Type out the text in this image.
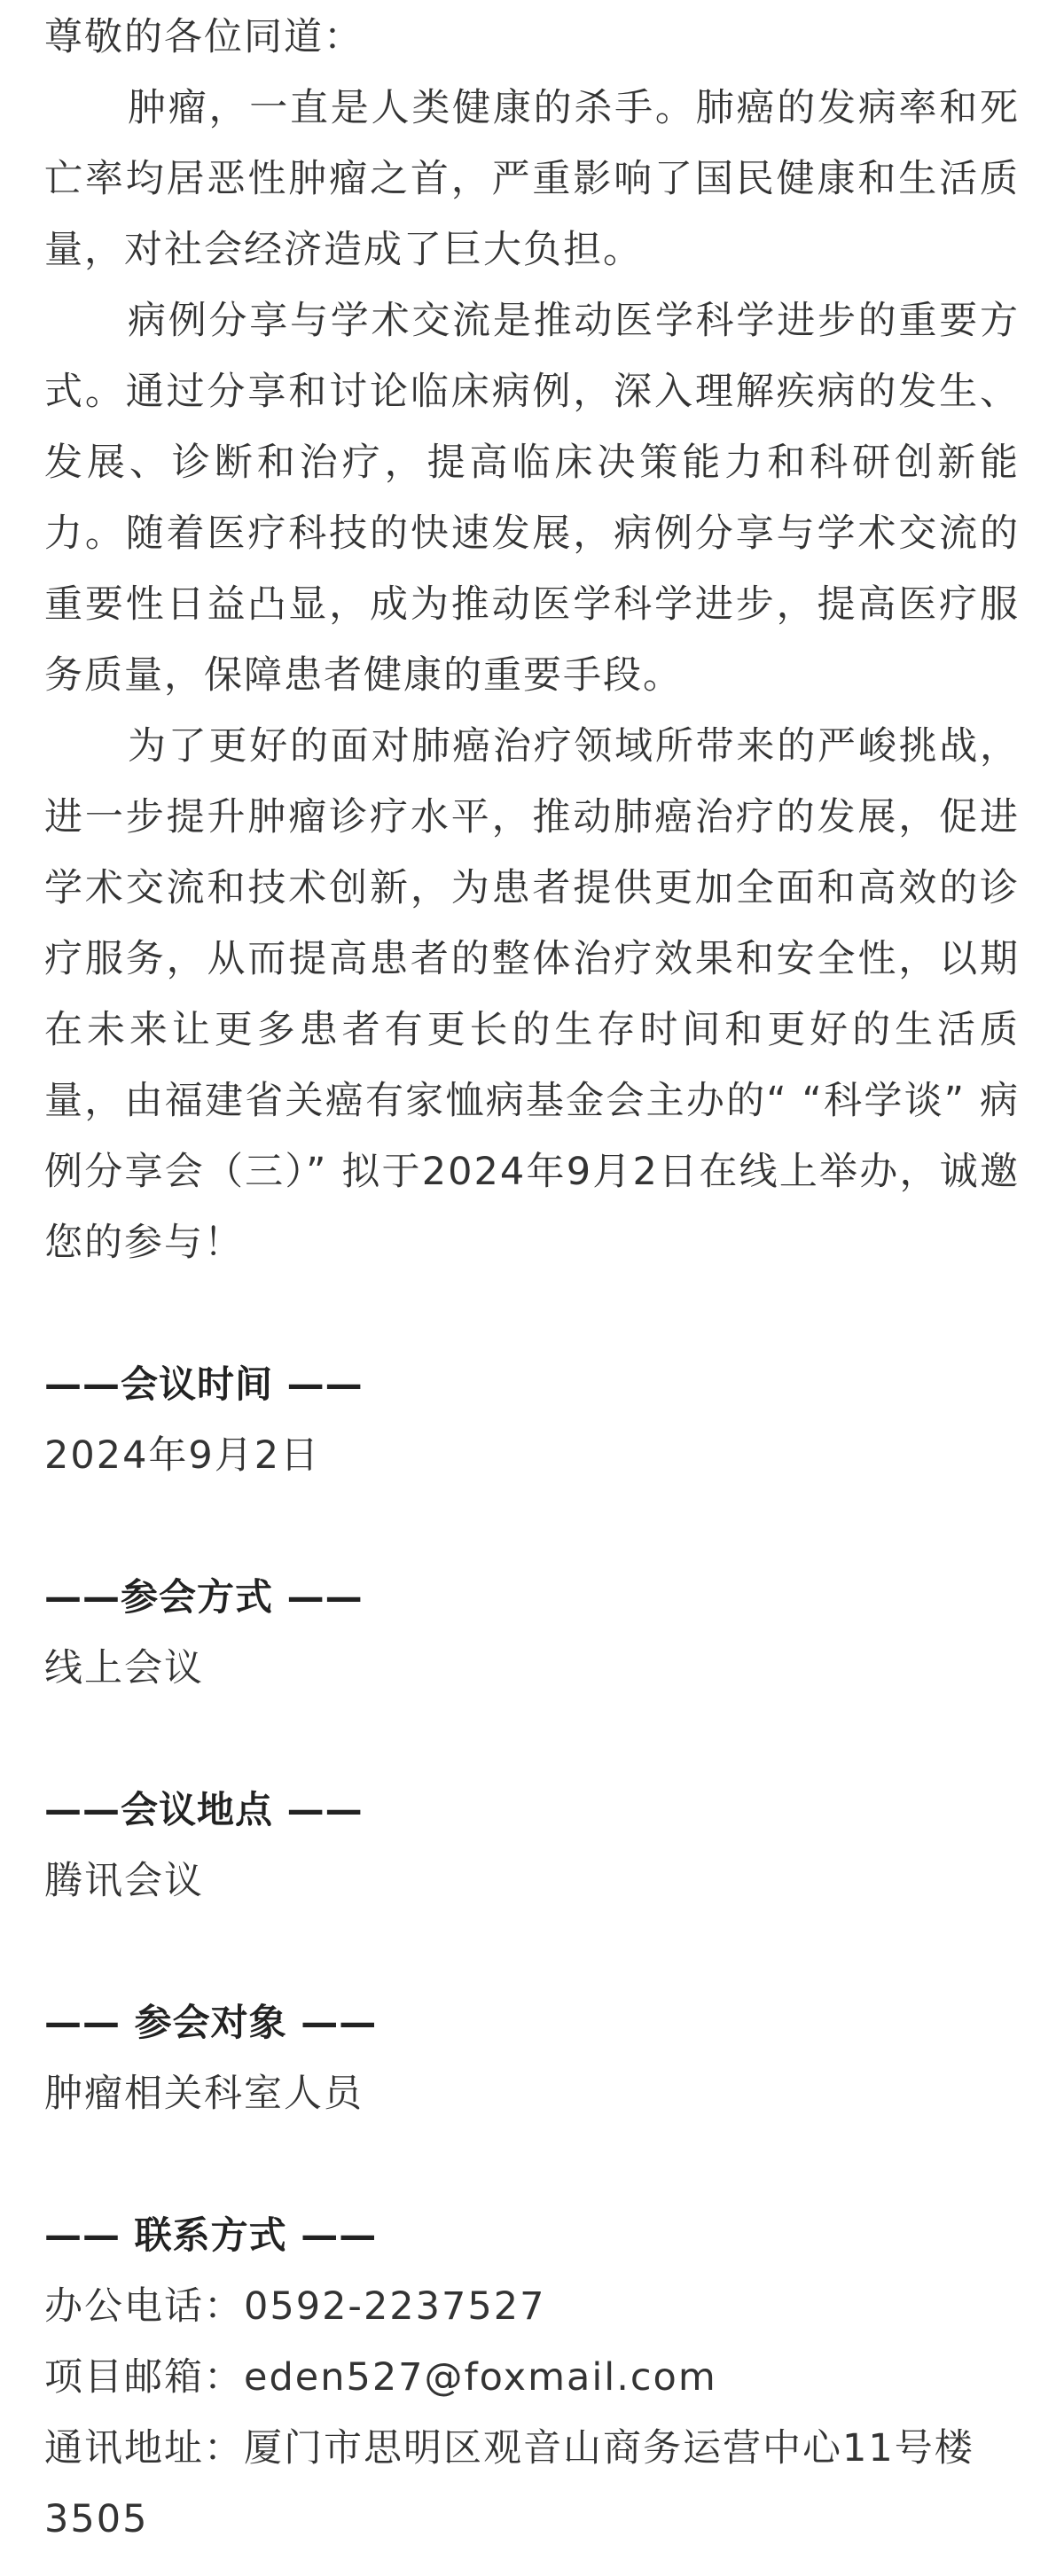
尊敬的各位同道：

肿瘤，一直是人类健康的杀手。肺癌的发病率和死亡率均居恶性肿瘤之首，严重影响了国民健康和生活质量，对社会经济造成了巨大负担。

病例分享与学术交流是推动医学科学进步的重要方式。通过分享和讨论临床病例，深入理解疾病的发生、发展、诊断和治疗，提高临床决策能力和科研创新能力。随着医疗科技的快速发展，病例分享与学术交流的重要性日益凸显，成为推动医学科学进步，提高医疗服务质量，保障患者健康的重要手段。

为了更好的面对肺癌治疗领域所带来的严峻挑战，进一步提升肿瘤诊疗水平，推动肺癌治疗的发展，促进学术交流和技术创新，为患者提供更加全面和高效的诊疗服务，从而提高患者的整体治疗效果和安全性，以期在未来让更多患者有更长的生存时间和更好的生活质量，由福建省关癌有家恤病基金会主办的“ “科学谈” 病例分享会（三）” 拟于2024年9月2日在线上举办，诚邀您的参与！

——会议时间 ——

2024年9月2日

——参会方式 ——

线上会议

——会议地点 ——

腾讯会议

—— 参会对象 ——

肿瘤相关科室人员

—— 联系方式 ——

办公电话：0592-2237527

项目邮箱：eden527@foxmail.com

通讯地址：厦门市思明区观音山商务运营中心11号楼3505
